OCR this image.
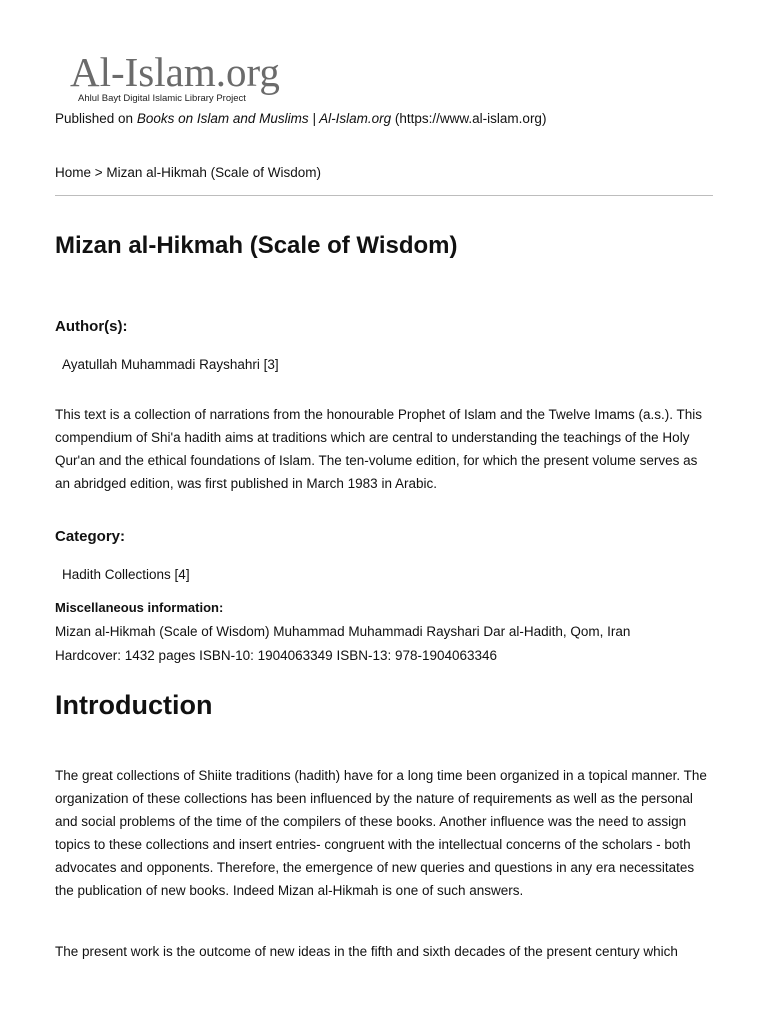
Al-Islam.org
Ahlul Bayt Digital Islamic Library Project
Published on Books on Islam and Muslims | Al-Islam.org (https://www.al-islam.org)
Home > Mizan al-Hikmah (Scale of Wisdom)
Mizan al-Hikmah (Scale of Wisdom)
Author(s):
Ayatullah Muhammadi Rayshahri [3]

This text is a collection of narrations from the honourable Prophet of Islam and the Twelve Imams (a.s.). This compendium of Shi'a hadith aims at traditions which are central to understanding the teachings of the Holy Qur'an and the ethical foundations of Islam. The ten-volume edition, for which the present volume serves as an abridged edition, was first published in March 1983 in Arabic.

Category:
Hadith Collections [4]
Miscellaneous information:
Mizan al-Hikmah (Scale of Wisdom) Muhammad Muhammadi Rayshari Dar al-Hadith, Qom, Iran
Hardcover: 1432 pages ISBN-10: 1904063349 ISBN-13: 978-1904063346
Introduction

The great collections of Shiite traditions (hadith) have for a long time been organized in a topical manner. The organization of these collections has been influenced by the nature of requirements as well as the personal and social problems of the time of the compilers of these books. Another influence was the need to assign topics to these collections and insert entries- congruent with the intellectual concerns of the scholars - both advocates and opponents. Therefore, the emergence of new queries and questions in any era necessitates the publication of new books. Indeed Mizan al-Hikmah is one of such answers.

The present work is the outcome of new ideas in the fifth and sixth decades of the present century which
